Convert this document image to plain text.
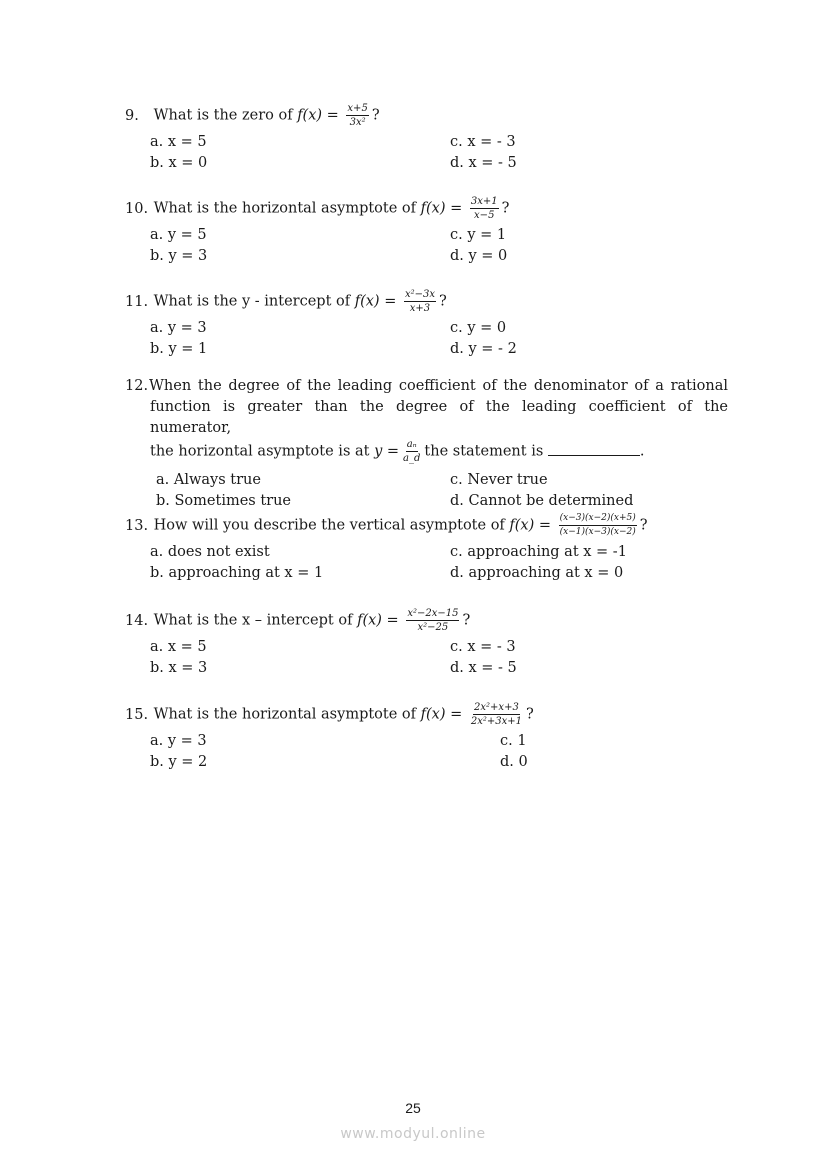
9. What is the zero of $f(x) = \frac{x+5}{\text{3x²}}$ ?
a. x = 5
b. x = 0
c. x = - 3
d. x = - 5
10. What is the horizontal asymptote of $f(x) = \frac{3x+1}{x-5}$ ?
a. y = 5
b. y = 3
c. y = 1
d. y = 0
11. What is the y - intercept of $f(x) = \frac{\text{x²−3x}}{x+3}$ ?
a. y = 3
b. y = 1
c. y = 0
d. y = - 2
12.When the degree of the leading coefficient of the denominator of a rational
function is greater than the degree of the leading coefficient of the numerator,
the horizontal asymptote is at $y = \frac{\text{aₙ}}{a\_d}$ the statement is	.
a. Always true
b. Sometimes true
c. Never true
d. Cannot be determined
13. How will you describe the vertical asymptote of $f(x) = \frac{(x-3)(x-2)(x+5)}{(x-1)(x-3)(x-2)}$ ?
a. does not exist
b. approaching at x = 1
c. approaching at x = -1
d. approaching at x = 0
14. What is the x – intercept of $f(x) = \frac{\text{x²−2x−15}}{\text{x²−25}}$ ?
a. x = 5
b. x = 3
c. x = - 3
d. x = - 5
15. What is the horizontal asymptote of $f(x) = \frac{\text{2x²+x+3}}{\text{2x²+3x+1}}$ ?
a. y = 3
b. y = 2
c. 1
d. 0
25
www.modyul.online
